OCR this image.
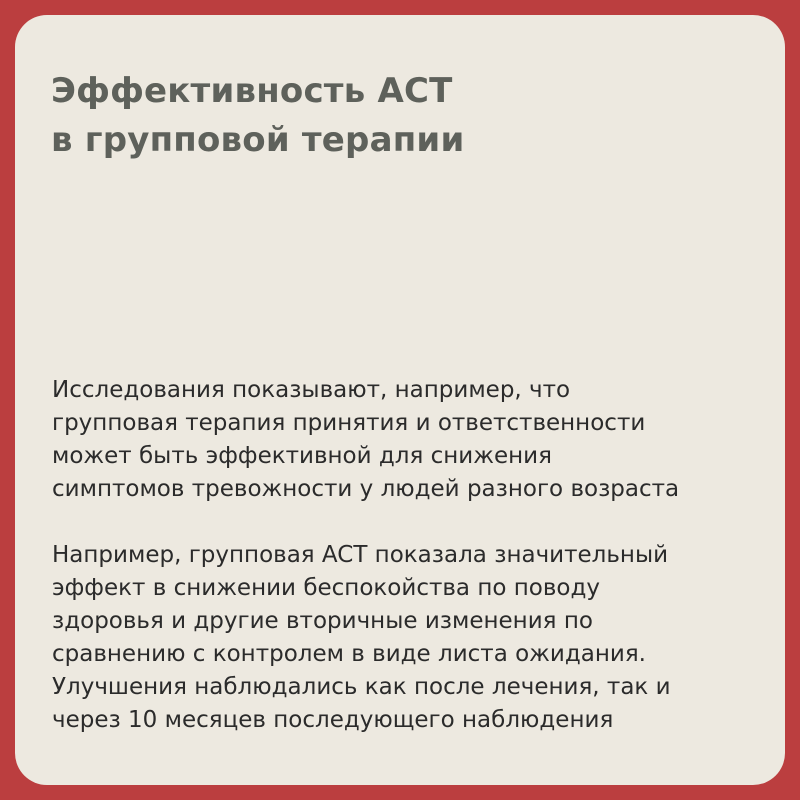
Эффективность ACT
в групповой терапии

Исследования показывают, например, что
групповая терапия принятия и ответственности
может быть эффективной для снижения
симптомов тревожности у людей разного возраста

Например, групповая ACT показала значительный
эффект в снижении беспокойства по поводу
здоровья и другие вторичные изменения по
сравнению с контролем в виде листа ожидания.
Улучшения наблюдались как после лечения, так и
через 10 месяцев последующего наблюдения
